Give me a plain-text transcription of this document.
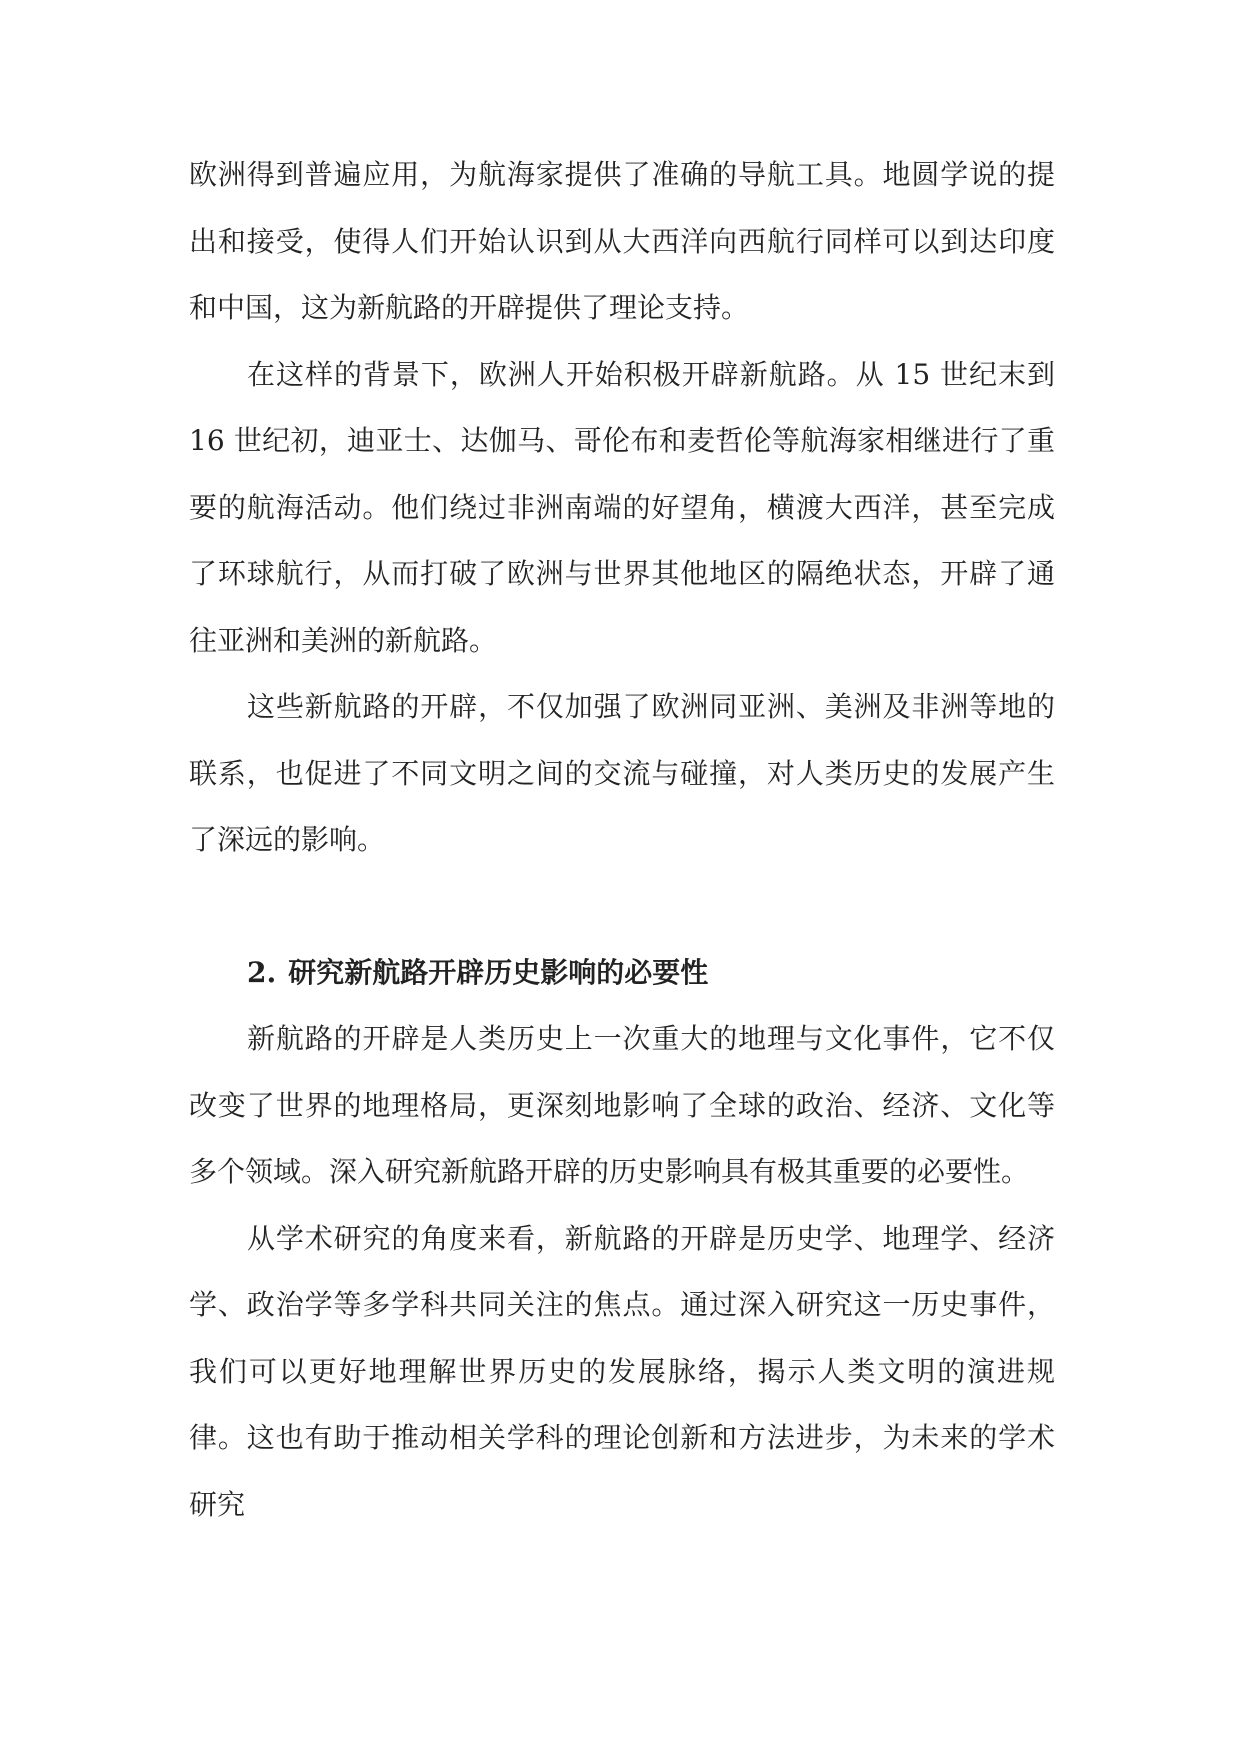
欧洲得到普遍应用，为航海家提供了准确的导航工具。地圆学说的提出和接受，使得人们开始认识到从大西洋向西航行同样可以到达印度和中国，这为新航路的开辟提供了理论支持。

在这样的背景下，欧洲人开始积极开辟新航路。从 15 世纪末到 16 世纪初，迪亚士、达伽马、哥伦布和麦哲伦等航海家相继进行了重要的航海活动。他们绕过非洲南端的好望角，横渡大西洋，甚至完成了环球航行，从而打破了欧洲与世界其他地区的隔绝状态，开辟了通往亚洲和美洲的新航路。

这些新航路的开辟，不仅加强了欧洲同亚洲、美洲及非洲等地的联系，也促进了不同文明之间的交流与碰撞，对人类历史的发展产生了深远的影响。

2. 研究新航路开辟历史影响的必要性

新航路的开辟是人类历史上一次重大的地理与文化事件，它不仅改变了世界的地理格局，更深刻地影响了全球的政治、经济、文化等多个领域。深入研究新航路开辟的历史影响具有极其重要的必要性。

从学术研究的角度来看，新航路的开辟是历史学、地理学、经济学、政治学等多学科共同关注的焦点。通过深入研究这一历史事件，我们可以更好地理解世界历史的发展脉络，揭示人类文明的演进规律。这也有助于推动相关学科的理论创新和方法进步，为未来的学术研究
